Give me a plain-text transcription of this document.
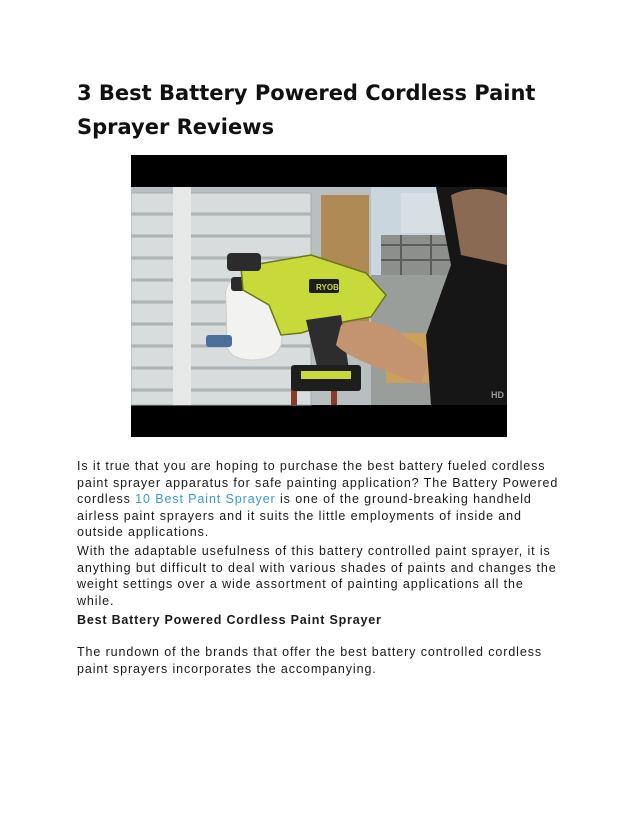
3 Best Battery Powered Cordless Paint Sprayer Reviews
HD
RYOBI

Is it true that you are hoping to purchase the best battery fueled cordless paint sprayer apparatus for safe painting application? The Battery Powered cordless 10 Best Paint Sprayer is one of the ground-breaking handheld airless paint sprayers and it suits the little employments of inside and outside applications.

With the adaptable usefulness of this battery controlled paint sprayer, it is anything but difficult to deal with various shades of paints and changes the weight settings over a wide assortment of painting applications all the while.

Best Battery Powered Cordless Paint Sprayer

The rundown of the brands that offer the best battery controlled cordless paint sprayers incorporates the accompanying.
